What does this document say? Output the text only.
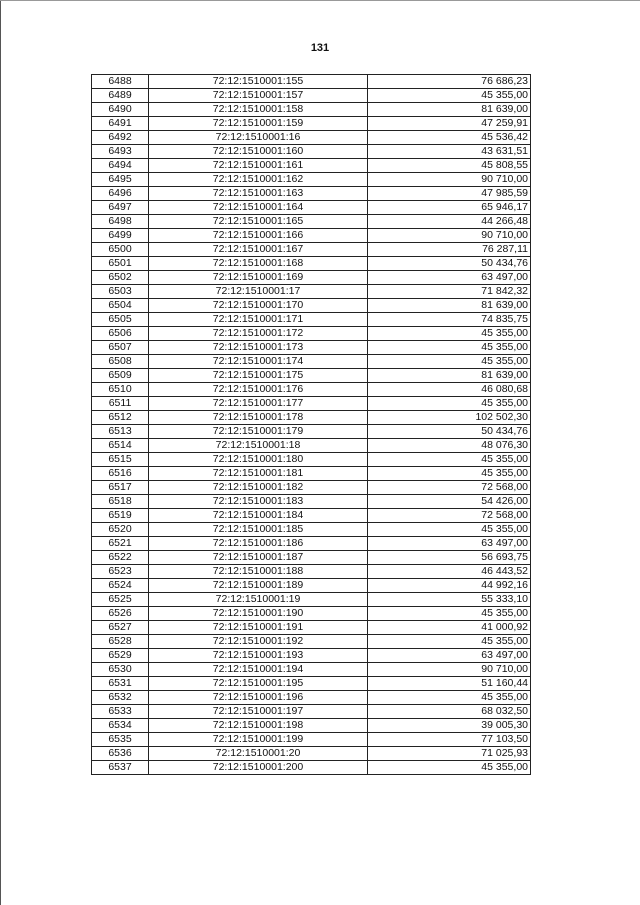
131
6488	72:12:1510001:155	76 686,23
6489	72:12:1510001:157	45 355,00
6490	72:12:1510001:158	81 639,00
6491	72:12:1510001:159	47 259,91
6492	72:12:1510001:16	45 536,42
6493	72:12:1510001:160	43 631,51
6494	72:12:1510001:161	45 808,55
6495	72:12:1510001:162	90 710,00
6496	72:12:1510001:163	47 985,59
6497	72:12:1510001:164	65 946,17
6498	72:12:1510001:165	44 266,48
6499	72:12:1510001:166	90 710,00
6500	72:12:1510001:167	76 287,11
6501	72:12:1510001:168	50 434,76
6502	72:12:1510001:169	63 497,00
6503	72:12:1510001:17	71 842,32
6504	72:12:1510001:170	81 639,00
6505	72:12:1510001:171	74 835,75
6506	72:12:1510001:172	45 355,00
6507	72:12:1510001:173	45 355,00
6508	72:12:1510001:174	45 355,00
6509	72:12:1510001:175	81 639,00
6510	72:12:1510001:176	46 080,68
6511	72:12:1510001:177	45 355,00
6512	72:12:1510001:178	102 502,30
6513	72:12:1510001:179	50 434,76
6514	72:12:1510001:18	48 076,30
6515	72:12:1510001:180	45 355,00
6516	72:12:1510001:181	45 355,00
6517	72:12:1510001:182	72 568,00
6518	72:12:1510001:183	54 426,00
6519	72:12:1510001:184	72 568,00
6520	72:12:1510001:185	45 355,00
6521	72:12:1510001:186	63 497,00
6522	72:12:1510001:187	56 693,75
6523	72:12:1510001:188	46 443,52
6524	72:12:1510001:189	44 992,16
6525	72:12:1510001:19	55 333,10
6526	72:12:1510001:190	45 355,00
6527	72:12:1510001:191	41 000,92
6528	72:12:1510001:192	45 355,00
6529	72:12:1510001:193	63 497,00
6530	72:12:1510001:194	90 710,00
6531	72:12:1510001:195	51 160,44
6532	72:12:1510001:196	45 355,00
6533	72:12:1510001:197	68 032,50
6534	72:12:1510001:198	39 005,30
6535	72:12:1510001:199	77 103,50
6536	72:12:1510001:20	71 025,93
6537	72:12:1510001:200	45 355,00
